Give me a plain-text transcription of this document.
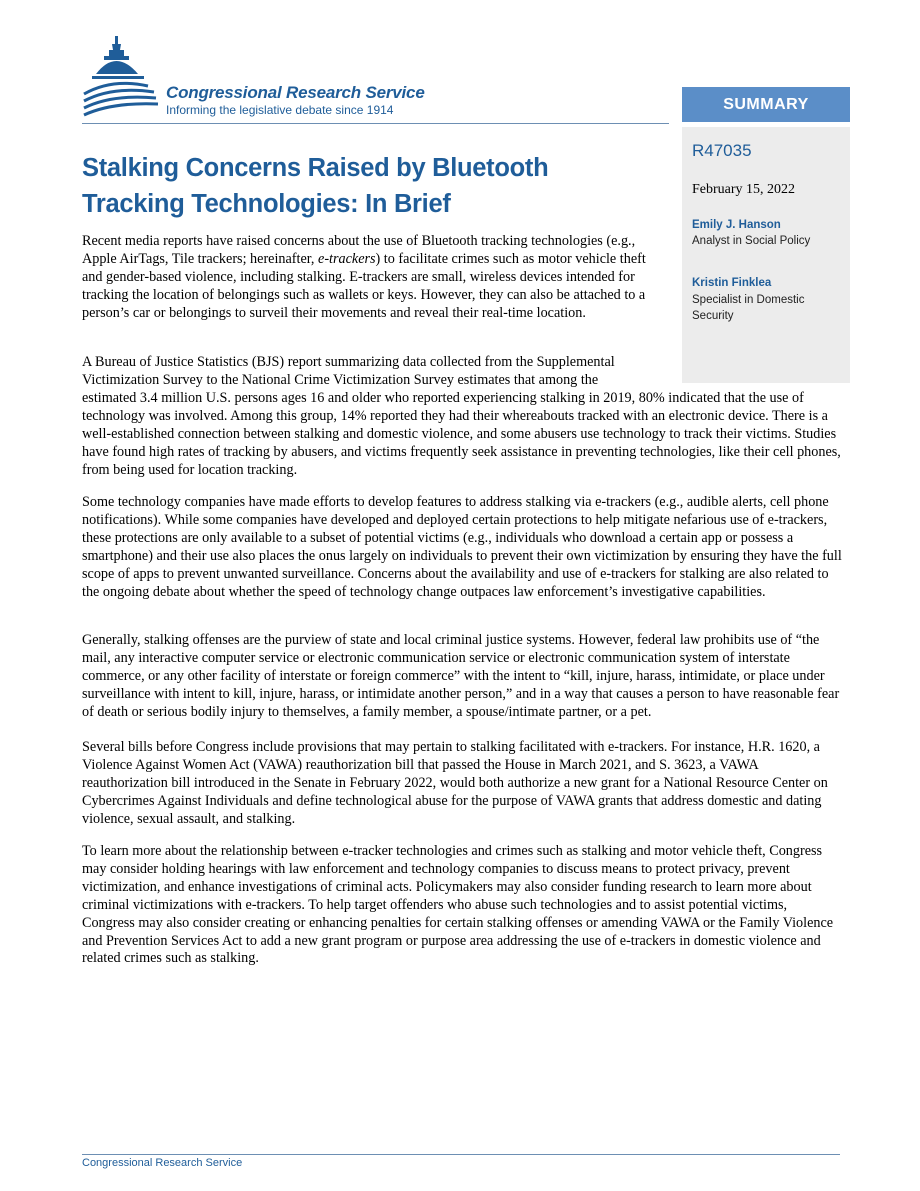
Congressional Research Service
Informing the legislative debate since 1914	SUMMARY
R47035
February 15, 2022
Emily J. Hanson
Analyst in Social Policy
Kristin Finklea
Specialist in Domestic Security
Stalking Concerns Raised by Bluetooth Tracking Technologies: In Brief

Recent media reports have raised concerns about the use of Bluetooth tracking technologies (e.g., Apple AirTags, Tile trackers; hereinafter, e-trackers) to facilitate crimes such as motor vehicle theft and gender-based violence, including stalking. E-trackers are small, wireless devices intended for tracking the location of belongings such as wallets or keys. However, they can also be attached to a person’s car or belongings to surveil their movements and reveal their real-time location.

A Bureau of Justice Statistics (BJS) report summarizing data collected from the Supplemental Victimization Survey to the National Crime Victimization Survey estimates that among the

estimated 3.4 million U.S. persons ages 16 and older who reported experiencing stalking in 2019, 80% indicated that the use of technology was involved. Among this group, 14% reported they had their whereabouts tracked with an electronic device. There is a well-established connection between stalking and domestic violence, and some abusers use technology to track their victims. Studies have found high rates of tracking by abusers, and victims frequently seek assistance in preventing technologies, like their cell phones, from being used for location tracking.

Some technology companies have made efforts to develop features to address stalking via e-trackers (e.g., audible alerts, cell phone notifications). While some companies have developed and deployed certain protections to help mitigate nefarious use of e-trackers, these protections are only available to a subset of potential victims (e.g., individuals who download a certain app or possess a smartphone) and their use also places the onus largely on individuals to prevent their own victimization by ensuring they have the full scope of apps to prevent unwanted surveillance. Concerns about the availability and use of e-trackers for stalking are also related to the ongoing debate about whether the speed of technology change outpaces law enforcement’s investigative capabilities.

Generally, stalking offenses are the purview of state and local criminal justice systems. However, federal law prohibits use of “the mail, any interactive computer service or electronic communication service or electronic communication system of interstate commerce, or any other facility of interstate or foreign commerce” with the intent to “kill, injure, harass, intimidate, or place under surveillance with intent to kill, injure, harass, or intimidate another person,” and in a way that causes a person to have reasonable fear of death or serious bodily injury to themselves, a family member, a spouse/intimate partner, or a pet.

Several bills before Congress include provisions that may pertain to stalking facilitated with e-trackers. For instance, H.R. 1620, a Violence Against Women Act (VAWA) reauthorization bill that passed the House in March 2021, and S. 3623, a VAWA reauthorization bill introduced in the Senate in February 2022, would both authorize a new grant for a National Resource Center on Cybercrimes Against Individuals and define technological abuse for the purpose of VAWA grants that address domestic and dating violence, sexual assault, and stalking.

To learn more about the relationship between e-tracker technologies and crimes such as stalking and motor vehicle theft, Congress may consider holding hearings with law enforcement and technology companies to discuss means to protect privacy, prevent victimization, and enhance investigations of criminal acts. Policymakers may also consider funding research to learn more about criminal victimizations with e-trackers. To help target offenders who abuse such technologies and to assist potential victims, Congress may also consider creating or enhancing penalties for certain stalking offenses or amending VAWA or the Family Violence and Prevention Services Act to add a new grant program or purpose area addressing the use of e-trackers in domestic violence and related crimes such as stalking.

Congressional Research Service
